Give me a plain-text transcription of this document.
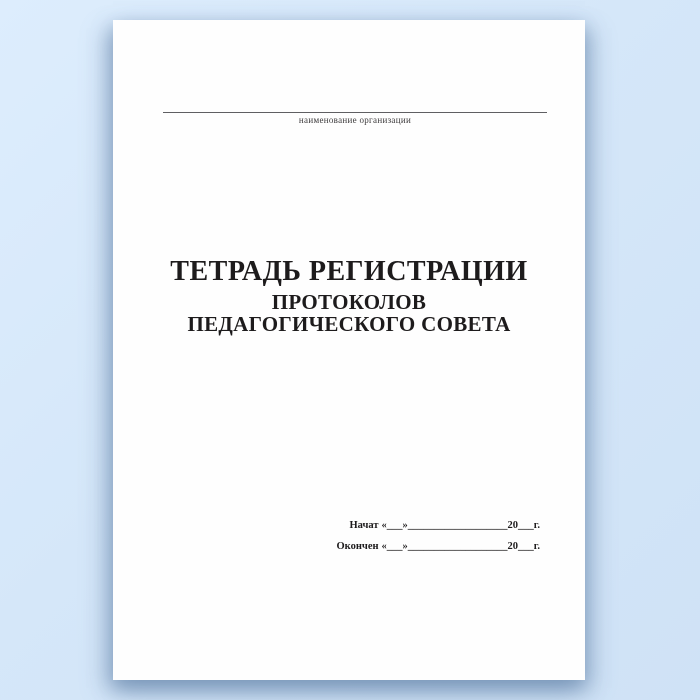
наименование организации
ТЕТРАДЬ РЕГИСТРАЦИИ
ПРОТОКОЛОВ
ПЕДАГОГИЧЕСКОГО СОВЕТА
Начат «___»___________________20___г.
Окончен «___»___________________20___г.
